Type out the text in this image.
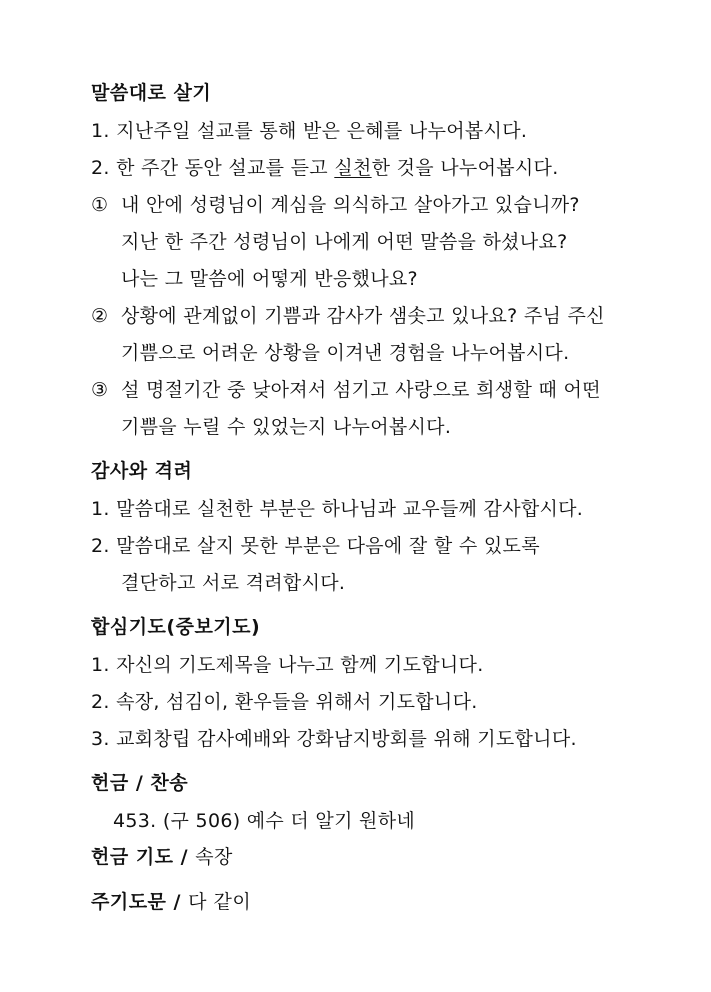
말씀대로 살기
1. 지난주일 설교를 통해 받은 은혜를 나누어봅시다.
2. 한 주간 동안 설교를 듣고 실천한 것을 나누어봅시다.
① 내 안에 성령님이 계심을 의식하고 살아가고 있습니까?
지난 한 주간 성령님이 나에게 어떤 말씀을 하셨나요?
나는 그 말씀에 어떻게 반응했나요?
② 상황에 관계없이 기쁨과 감사가 샘솟고 있나요? 주님 주신
기쁨으로 어려운 상황을 이겨낸 경험을 나누어봅시다.
③ 설 명절기간 중 낮아져서 섬기고 사랑으로 희생할 때 어떤
기쁨을 누릴 수 있었는지 나누어봅시다.
감사와 격려
1. 말씀대로 실천한 부분은 하나님과 교우들께 감사합시다.
2. 말씀대로 살지 못한 부분은 다음에 잘 할 수 있도록
결단하고 서로 격려합시다.
합심기도(중보기도)
1. 자신의 기도제목을 나누고 함께 기도합니다.
2. 속장, 섬김이, 환우들을 위해서 기도합니다.
3. 교회창립 감사예배와 강화남지방회를 위해 기도합니다.
헌금 / 찬송
453. (구 506) 예수 더 알기 원하네
헌금 기도 / 속장
주기도문 / 다 같이
